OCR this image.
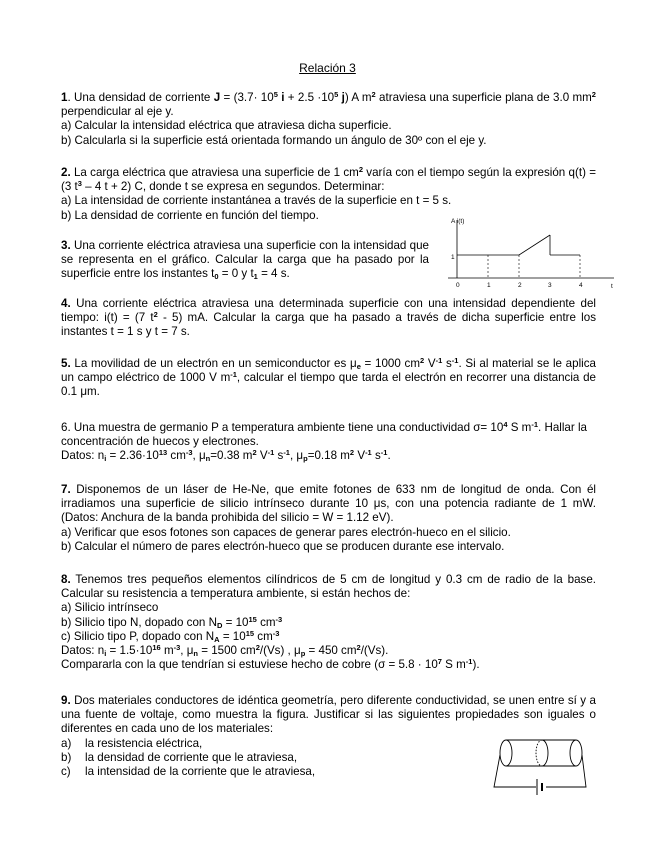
Relación 3

1. Una densidad de corriente $J = (3.7\cdot 10^5$ $i + 2.5 \cdot 10^5$ j) A $m^2$ atraviesa una superficie plana de 3.0 $mm^2$ perpendicular al eje y.

a) Calcular la intensidad eléctrica que atraviesa dicha superficie.

b) Calcularla si la superficie está orientada formando un ángulo de 30º con el eje y.

2. La carga eléctrica que atraviesa una superficie de 1 $cm^2$ varía con el tiempo según la expresión q(t) = (3 $t^3 - 4$ t + 2) C, donde t se expresa en segundos. Determinar:

a) La intensidad de corriente instantánea a través de la superficie en t = 5 s.

b) La densidad de corriente en función del tiempo.

3. Una corriente eléctrica atraviesa una superficie con la intensidad que se representa en el gráfico. Calcular la carga que ha pasado por la superficie entre los instantes $t_0 = 0$ y $t_1 = 4$ s.

A i(t)
1
0	1	2	3	4	t

4. Una corriente eléctrica atraviesa una determinada superficie con una intensidad dependiente del tiempo: i(t) = (7 $t^2 - 5$) mA. Calcular la carga que ha pasado a través de dicha superficie entre los instantes t = 1 s y t = 7 s.

5. La movilidad de un electrón en un semiconductor es $\mu_e = 1000$ $cm^2$ $V^{-1}$ $s^{-1}$. Si al material se le aplica un campo eléctrico de 1000 V $m^{-1}$, calcular el tiempo que tarda el electrón en recorrer una distancia de 0.1 μm.

6. Una muestra de germanio P a temperatura ambiente tiene una conductividad $\sigma= 10^4$ S $m^{-1}$. Hallar la concentración de huecos y electrones.

Datos: $n_i = 2.36\cdot 10^{13}$ $cm^{-3}$, $\mu_n=0.38$ $m^2$ $V^{-1}$ $s^{-1}$, $\mu_p=0.18$ $m^2$ $V^{-1}$ $s^{-1}$.

7. Disponemos de un láser de He-Ne, que emite fotones de 633 nm de longitud de onda. Con él irradiamos una superficie de silicio intrínseco durante 10 μs, con una potencia radiante de 1 mW. (Datos: Anchura de la banda prohibida del silicio = W = 1.12 eV).

a) Verificar que esos fotones son capaces de generar pares electrón-hueco en el silicio.

b) Calcular el número de pares electrón-hueco que se producen durante ese intervalo.

8. Tenemos tres pequeños elementos cilíndricos de 5 cm de longitud y 0.3 cm de radio de la base. Calcular su resistencia a temperatura ambiente, si están hechos de:

a) Silicio intrínseco

b) Silicio tipo N, dopado con $N_D = 10^{15}$ $cm^{-3}$

c) Silicio tipo P, dopado con $N_A = 10^{15}$ $cm^{-3}$

Datos: $n_i = 1.5\cdot 10^{16}$ $m^{-3}$, $\mu_n = 1500$ $cm^2/(Vs)$ , $\mu_p = 450$ $cm^2/(Vs)$.

Compararla con la que tendrían si estuviese hecho de cobre ($\sigma = 5.8 \cdot 10^7$ S $m^{-1}$).

9. Dos materiales conductores de idéntica geometría, pero diferente conductividad, se unen entre sí y a una fuente de voltaje, como muestra la figura. Justificar si las siguientes propiedades son iguales o diferentes en cada uno de los materiales:

a) la resistencia eléctrica,

b) la densidad de corriente que le atraviesa,

c) la intensidad de la corriente que le atraviesa,
